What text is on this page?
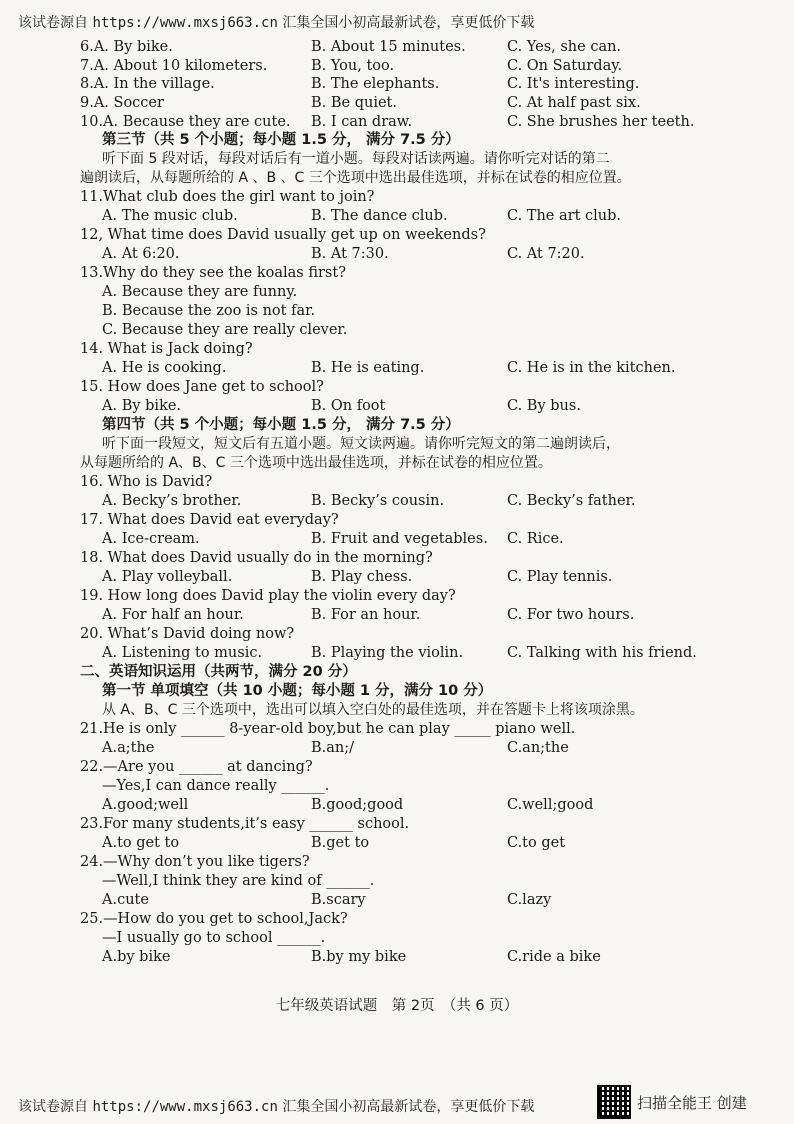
该试卷源自 https://www.mxsj663.cn 汇集全国小初高最新试卷，享更低价下载
6.A. By bike.	B. About 15 minutes.	C. Yes, she can.
7.A. About 10 kilometers.	B. You, too.	C. On Saturday.
8.A. In the village.	B. The elephants.	C. It's interesting.
9.A. Soccer	B. Be quiet.	C. At half past six.
10.A. Because they are cute. B. I can draw.	C. She brushes her teeth.
第三节（共 5 个小题；每小题 1.5 分， 满分 7.5 分）
听下面 5 段对话，每段对话后有一道小题。每段对话读两遍。请你听完对话的第二
遍朗读后，从每题所给的 A 、B 、C 三个选项中选出最佳选项，并标在试卷的相应位置。
11.What club does the girl want to join?
A. The music club.	B. The dance club.	C. The art club.
12, What time does David usually get up on weekends?
A. At 6:20.	B. At 7:30.	C. At 7:20.
13.Why do they see the koalas first?
A. Because they are funny.
B. Because the zoo is not far.
C. Because they are really clever.
14. What is Jack doing?
A. He is cooking.	B. He is eating.	C. He is in the kitchen.
15. How does Jane get to school?
A. By bike.	B. On foot	C. By bus.
第四节（共 5 个小题；每小题 1.5 分， 满分 7.5 分）
听下面一段短文，短文后有五道小题。短文读两遍。请你听完短文的第二遍朗读后，
从每题所给的 A、B、C 三个选项中选出最佳选项，并标在试卷的相应位置。
16. Who is David?
A. Becky’s brother.	B. Becky’s cousin.	C. Becky’s father.
17. What does David eat everyday?
A. Ice-cream.	B. Fruit and vegetables. C. Rice.
18. What does David usually do in the morning?
A. Play volleyball.	B. Play chess.	C. Play tennis.
19. How long does David play the violin every day?
A. For half an hour.	B. For an hour.	C. For two hours.
20. What’s David doing now?
A. Listening to music.	B. Playing the violin.	C. Talking with his friend.
二、英语知识运用（共两节，满分 20 分）
第一节 单项填空（共 10 小题；每小题 1 分，满分 10 分）
从 A、B、C 三个选项中，选出可以填入空白处的最佳选项，并在答题卡上将该项涂黑。
21.He is only ______ 8-year-old boy,but he can play _____ piano well.
A.a;the	B.an;/	C.an;the
22.—Are you ______ at dancing?
—Yes,I can dance really ______.
A.good;well	B.good;good	C.well;good
23.For many students,it’s easy ______ school.
A.to get to	B.get to	C.to get
24.—Why don’t you like tigers?
—Well,I think they are kind of ______.
A.cute	B.scary	C.lazy
25.—How do you get to school,Jack?
—I usually go to school ______.
A.by bike	B.by my bike	C.ride a bike
七年级英语试题　第 2页　（共 6 页）
该试卷源自 https://www.mxsj663.cn 汇集全国小初高最新试卷，享更低价下载	扫描全能王 创建
